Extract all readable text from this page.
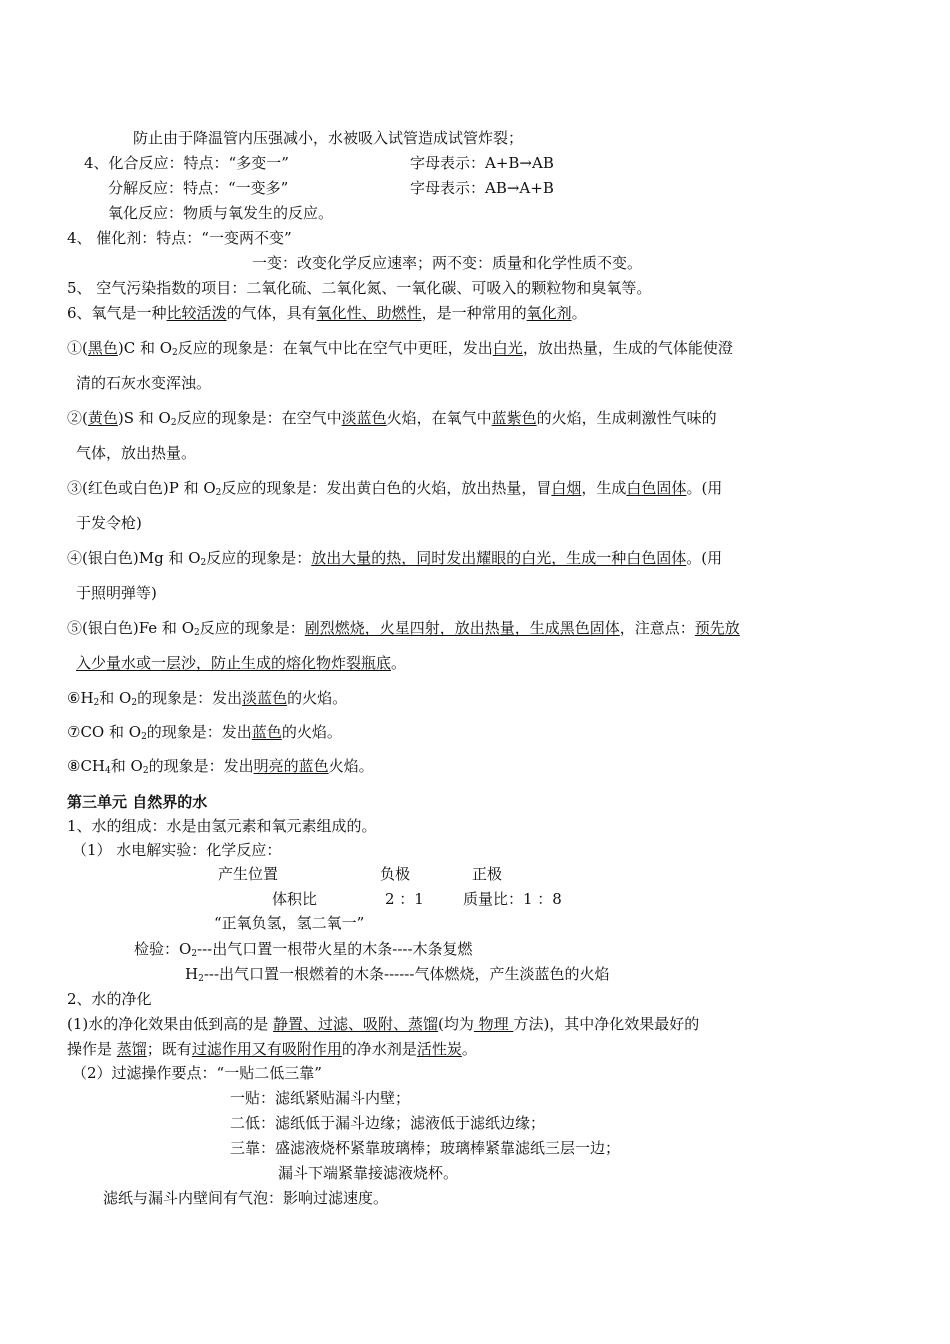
防止由于降温管内压强减小，水被吸入试管造成试管炸裂；
4、化合反应：特点：“多变一”	字母表示：A+B→AB
分解反应：特点：“一变多”	字母表示：AB→A+B
氧化反应：物质与氧发生的反应。
4、 催化剂：特点：“一变两不变”
一变：改变化学反应速率；两不变：质量和化学性质不变。
5、 空气污染指数的项目：二氧化硫、二氧化氮、一氧化碳、可吸入的颗粒物和臭氧等。
6、氧气是一种比较活泼的气体，具有氧化性、助燃性，是一种常用的氧化剂。
①(黑色)C 和 $O_2$反应的现象是：在氧气中比在空气中更旺，发出白光，放出热量，生成的气体能使澄
清的石灰水变浑浊。
②(黄色)S 和 $O_2$反应的现象是：在空气中淡蓝色火焰，在氧气中蓝紫色的火焰，生成刺激性气味的
气体，放出热量。
③(红色或白色)P 和 $O_2$反应的现象是：发出黄白色的火焰，放出热量，冒白烟，生成白色固体。(用
于发令枪)
④(银白色)Mg 和 $O_2$反应的现象是：放出大量的热，同时发出耀眼的白光，生成一种白色固体。(用
于照明弹等)
⑤(银白色)Fe 和 $O_2$反应的现象是：剧烈燃烧，火星四射，放出热量，生成黑色固体，注意点：预先放
入少量水或一层沙，防止生成的熔化物炸裂瓶底。
$⑥H_2$和 $O_2$的现象是：发出淡蓝色的火焰。
⑦CO 和 $O_2$的现象是：发出蓝色的火焰。
$⑧CH_4$和 $O_2$的现象是：发出明亮的蓝色火焰。
第三单元 自然界的水
1、水的组成：水是由氢元素和氧元素组成的。
（1） 水电解实验：化学反应：
产生位置	负极	正极
体积比	2 ：1	质量比：1 ：8
“正氧负氢，氢二氧一”
检验：$O_2---$出气口置一根带火星的木条----木条复燃
$H_2---$出气口置一根燃着的木条------气体燃烧，产生淡蓝色的火焰
2、水的净化
(1)水的净化效果由低到高的是 静置、过滤、吸附、蒸馏(均为 物理 方法)，其中净化效果最好的
操作是 蒸馏；既有过滤作用又有吸附作用的净水剂是活性炭。
（2）过滤操作要点：“一贴二低三靠”
一贴：滤纸紧贴漏斗内壁；
二低：滤纸低于漏斗边缘；滤液低于滤纸边缘；
三靠：盛滤液烧杯紧靠玻璃棒；玻璃棒紧靠滤纸三层一边；
漏斗下端紧靠接滤液烧杯。
滤纸与漏斗内壁间有气泡：影响过滤速度。
